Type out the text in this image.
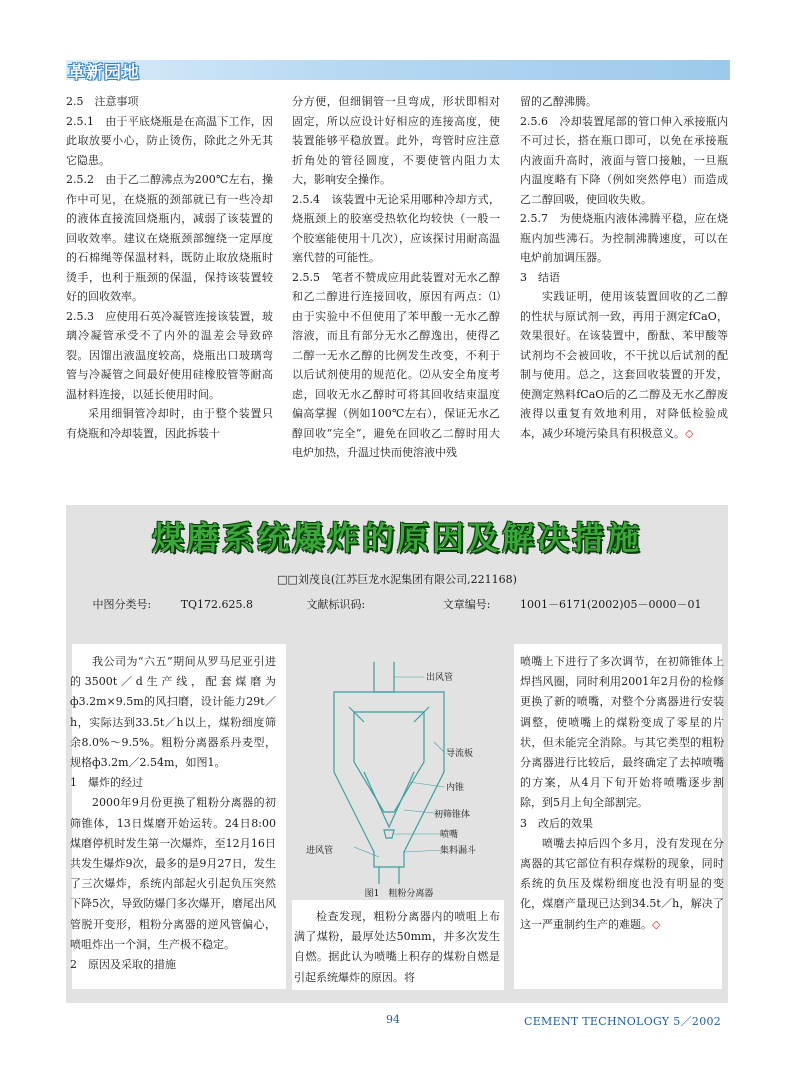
革新园地

2.5　注意事项

2.5.1　由于平底烧瓶是在高温下工作，因此取放要小心，防止烫伤，除此之外无其它隐患。

2.5.2　由于乙二醇沸点为200℃左右，操作中可见，在烧瓶的颈部就已有一些冷却的液体直接流回烧瓶内，减弱了该装置的回收效率。建议在烧瓶颈部缠绕一定厚度的石棉绳等保温材料，既防止取放烧瓶时烫手，也利于瓶颈的保温，保持该装置较好的回收效率。

2.5.3　应使用石英冷凝管连接该装置，玻璃冷凝管承受不了内外的温差会导致碎裂。因馏出液温度较高，烧瓶出口玻璃弯管与冷凝管之间最好使用硅橡胶管等耐高温材料连接，以延长使用时间。

采用细铜管冷却时，由于整个装置只有烧瓶和冷却装置，因此拆装十

分方便，但细铜管一旦弯成，形状即相对固定，所以应设计好相应的连接高度，使装置能够平稳放置。此外，弯管时应注意折角处的管径圆度，不要使管内阻力太大，影响安全操作。

2.5.4　该装置中无论采用哪种冷却方式，烧瓶颈上的胶塞受热软化均较快（一般一个胶塞能使用十几次），应该探讨用耐高温塞代替的可能性。

2.5.5　笔者不赞成应用此装置对无水乙醇和乙二醇进行连接回收，原因有两点：⑴由于实验中不但使用了苯甲酸一无水乙醇溶液，而且有部分无水乙醇逸出，使得乙二醇一无水乙醇的比例发生改变，不利于以后试剂使用的规范化。⑵从安全角度考虑，回收无水乙醇时可将其回收结束温度偏高掌握（例如100℃左右），保证无水乙醇回收“完全”，避免在回收乙二醇时用大电炉加热，升温过快而使溶液中残

留的乙醇沸腾。

2.5.6　冷却装置尾部的管口伸入承接瓶内不可过长，搭在瓶口即可，以免在承接瓶内液面升高时，液面与管口接触，一旦瓶内温度略有下降（例如突然停电）而造成乙二醇回吸，使回收失败。

2.5.7　为使烧瓶内液体沸腾平稳，应在烧瓶内加些沸石。为控制沸腾速度，可以在电炉前加调压器。

3　结语

实践证明，使用该装置回收的乙二醇的性状与原试剂一致，再用于测定fCaO，效果很好。在该装置中，酚酞、苯甲酸等试剂均不会被回收，不干扰以后试剂的配制与使用。总之，这套回收装置的开发，使测定熟料fCaO后的乙二醇及无水乙醇废液得以重复有效地利用，对降低检验成本，减少环境污染具有积极意义。◇

煤磨系统爆炸的原因及解决措施
□□刘茂良(江苏巨龙水泥集团有限公司,221168)
中图分类号:	TQ172.625.8	文献标识码:	文章编号:	1001－6171(2002)05－0000－01

我公司为“六五”期间从罗马尼亚引进的3500t／d生产线，配套煤磨为ф3.2m×9.5m的风扫磨，设计能力29t／h，实际达到33.5t／h以上，煤粉细度筛余8.0%～9.5%。粗粉分离器系丹麦型，规格ф3.2m／2.54m，如图1。

1　爆炸的经过

2000年9月份更换了粗粉分离器的初筛锥体，13日煤磨开始运转。24日8:00煤磨停机时发生第一次爆炸，至12月16日共发生爆炸9次，最多的是9月27日，发生了三次爆炸，系统内部起火引起负压突然下降5次，导致防爆门多次爆开，磨尾出风管脱开变形，粗粉分离器的逆风管偏心，喷咀炸出一个洞，生产极不稳定。

2　原因及采取的措施

出风管
导流板
内锥
初筛锥体
进风管
喷嘴
集料漏斗
图1　粗粉分离器

检查发现，粗粉分离器内的喷咀上布满了煤粉，最厚处达50mm，并多次发生自燃。据此认为喷嘴上积存的煤粉自燃是引起系统爆炸的原因。将

喷嘴上下进行了多次调节，在初筛锥体上焊挡风圈，同时利用2001年2月份的检修更换了新的喷嘴，对整个分离器进行安装调整，使喷嘴上的煤粉变成了零星的片状，但未能完全消除。与其它类型的粗粉分离器进行比较后，最终确定了去掉喷嘴的方案，从4月下旬开始将喷嘴逐步割除，到5月上旬全部割完。

3　改后的效果

喷嘴去掉后四个多月，没有发现在分离器的其它部位有积存煤粉的现象，同时系统的负压及煤粉细度也没有明显的变化，煤磨产量现已达到34.5t／h，解决了这一严重制约生产的难题。◇

94	CEMENT TECHNOLOGY 5／2002
